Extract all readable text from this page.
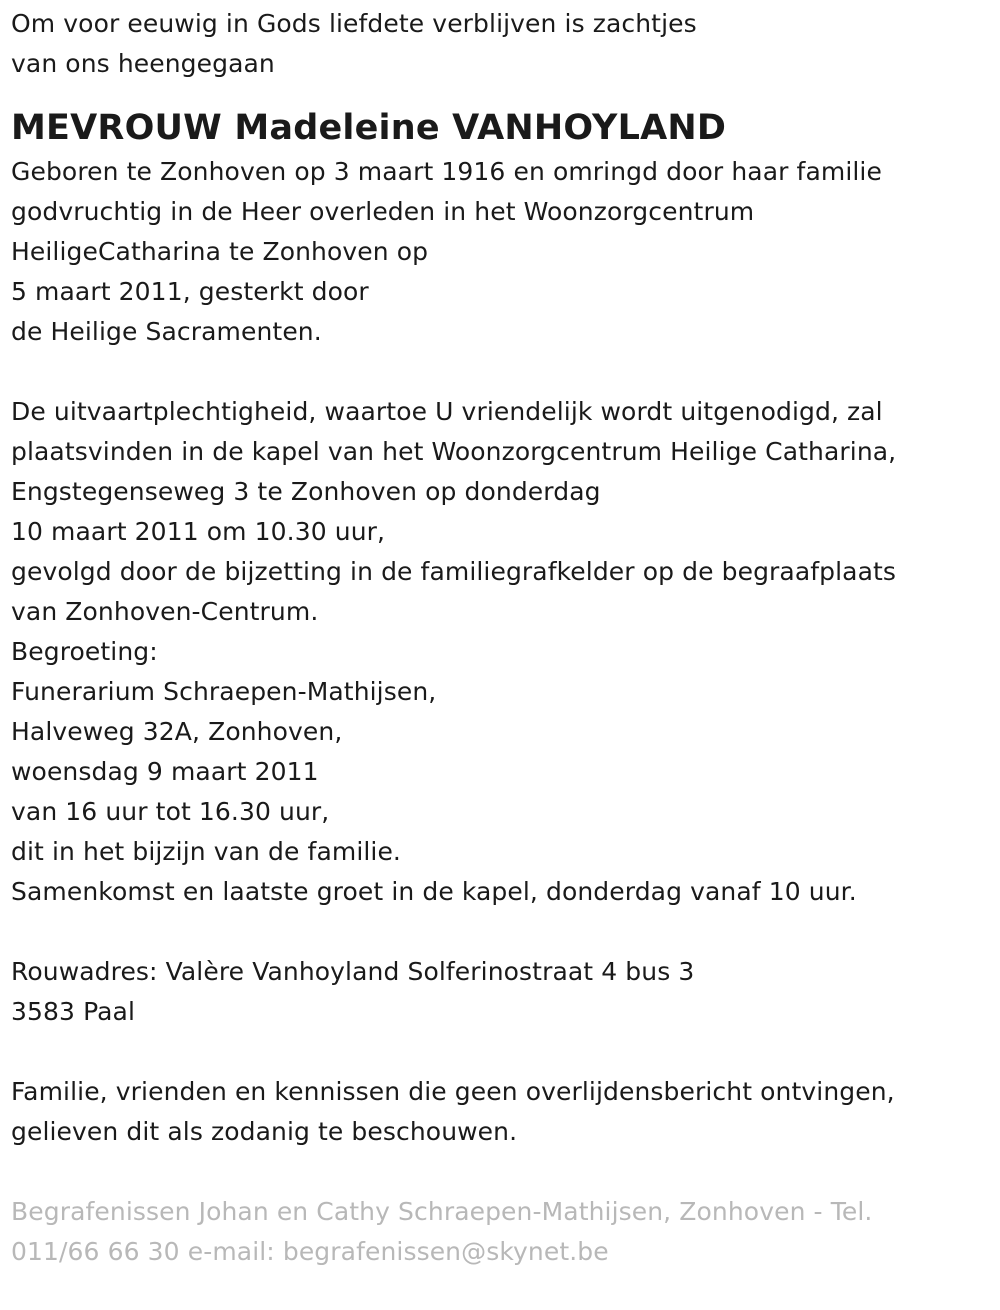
Om voor eeuwig in Gods liefdete verblijven is zachtjes
van ons heengegaan
MEVROUW Madeleine VANHOYLAND
Geboren te Zonhoven op 3 maart 1916 en omringd door haar familie
godvruchtig in de Heer overleden in het Woonzorgcentrum
HeiligeCatharina te Zonhoven op
5 maart 2011, gesterkt door
de Heilige Sacramenten.
De uitvaartplechtigheid, waartoe U vriendelijk wordt uitgenodigd, zal
plaatsvinden in de kapel van het Woonzorgcentrum Heilige Catharina,
Engstegenseweg 3 te Zonhoven op donderdag
10 maart 2011 om 10.30 uur,
gevolgd door de bijzetting in de familiegrafkelder op de begraafplaats
van Zonhoven-Centrum.
Begroeting:
Funerarium Schraepen-Mathijsen,
Halveweg 32A, Zonhoven,
woensdag 9 maart 2011
van 16 uur tot 16.30 uur,
dit in het bijzijn van de familie.
Samenkomst en laatste groet in de kapel, donderdag vanaf 10 uur.
Rouwadres: Valère Vanhoyland Solferinostraat 4 bus 3
3583 Paal
Familie, vrienden en kennissen die geen overlijdensbericht ontvingen,
gelieven dit als zodanig te beschouwen.
Begrafenissen Johan en Cathy Schraepen-Mathijsen, Zonhoven - Tel.
011/66 66 30 e-mail: begrafenissen@skynet.be
